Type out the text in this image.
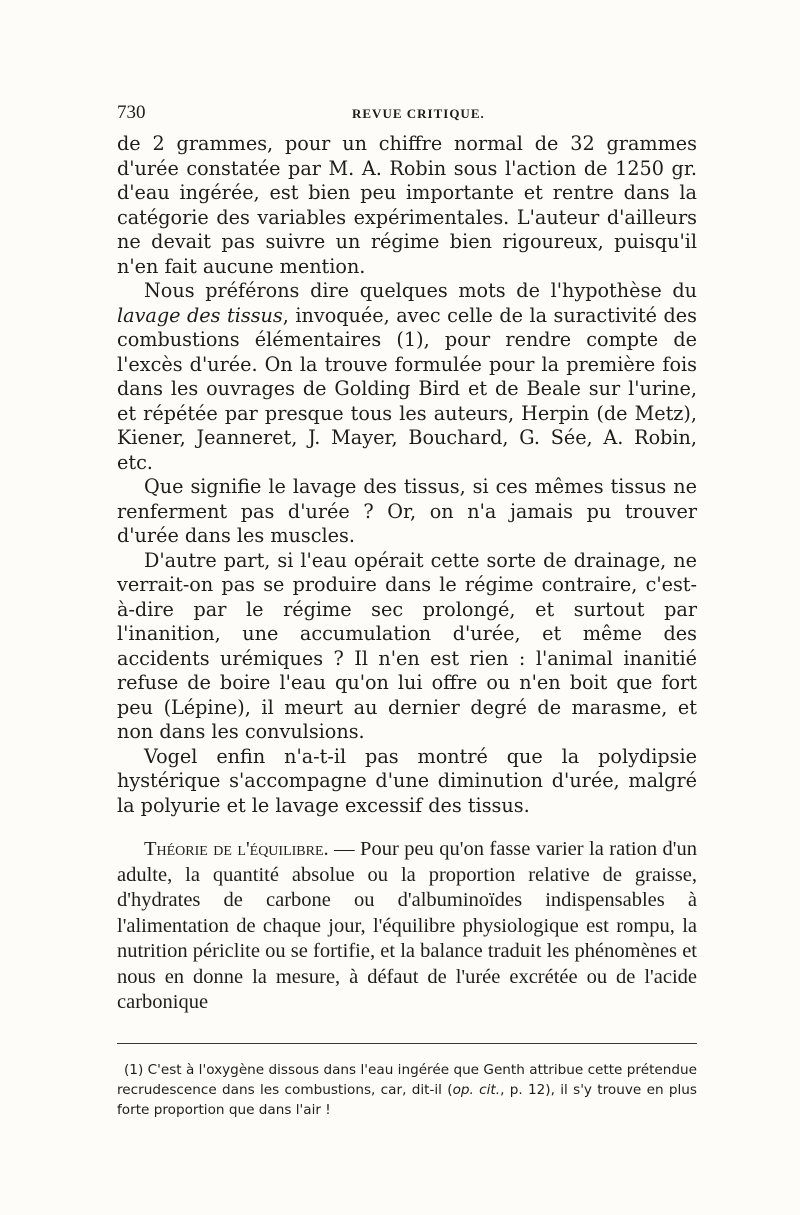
730	REVUE CRITIQUE.

de 2 grammes, pour un chiffre normal de 32 grammes d'urée constatée par M. A. Robin sous l'action de 1250 gr. d'eau ingérée, est bien peu importante et rentre dans la catégorie des variables expérimentales. L'auteur d'ailleurs ne devait pas suivre un régime bien rigoureux, puisqu'il n'en fait aucune mention.

Nous préférons dire quelques mots de l'hypothèse du lavage des tissus, invoquée, avec celle de la suractivité des combustions élémentaires (1), pour rendre compte de l'excès d'urée. On la trouve formulée pour la première fois dans les ouvrages de Golding Bird et de Beale sur l'urine, et répétée par presque tous les auteurs, Herpin (de Metz), Kiener, Jeanneret, J. Mayer, Bouchard, G. Sée, A. Robin, etc.

Que signifie le lavage des tissus, si ces mêmes tissus ne renferment pas d'urée ? Or, on n'a jamais pu trouver d'urée dans les muscles.

D'autre part, si l'eau opérait cette sorte de drainage, ne verrait-on pas se produire dans le régime contraire, c'est-à-dire par le régime sec prolongé, et surtout par l'inanition, une accumulation d'urée, et même des accidents urémiques ? Il n'en est rien : l'animal inanitié refuse de boire l'eau qu'on lui offre ou n'en boit que fort peu (Lépine), il meurt au dernier degré de marasme, et non dans les convulsions.

Vogel enfin n'a-t-il pas montré que la polydipsie hystérique s'accompagne d'une diminution d'urée, malgré la polyurie et le lavage excessif des tissus.

Théorie de l'équilibre. — Pour peu qu'on fasse varier la ration d'un adulte, la quantité absolue ou la proportion relative de graisse, d'hydrates de carbone ou d'albuminoïdes indispensables à l'alimentation de chaque jour, l'équilibre physiologique est rompu, la nutrition périclite ou se fortifie, et la balance traduit les phénomènes et nous en donne la mesure, à défaut de l'urée excrétée ou de l'acide carbonique

(1) C'est à l'oxygène dissous dans l'eau ingérée que Genth attribue cette prétendue recrudescence dans les combustions, car, dit-il (op. cit., p. 12), il s'y trouve en plus forte proportion que dans l'air !
